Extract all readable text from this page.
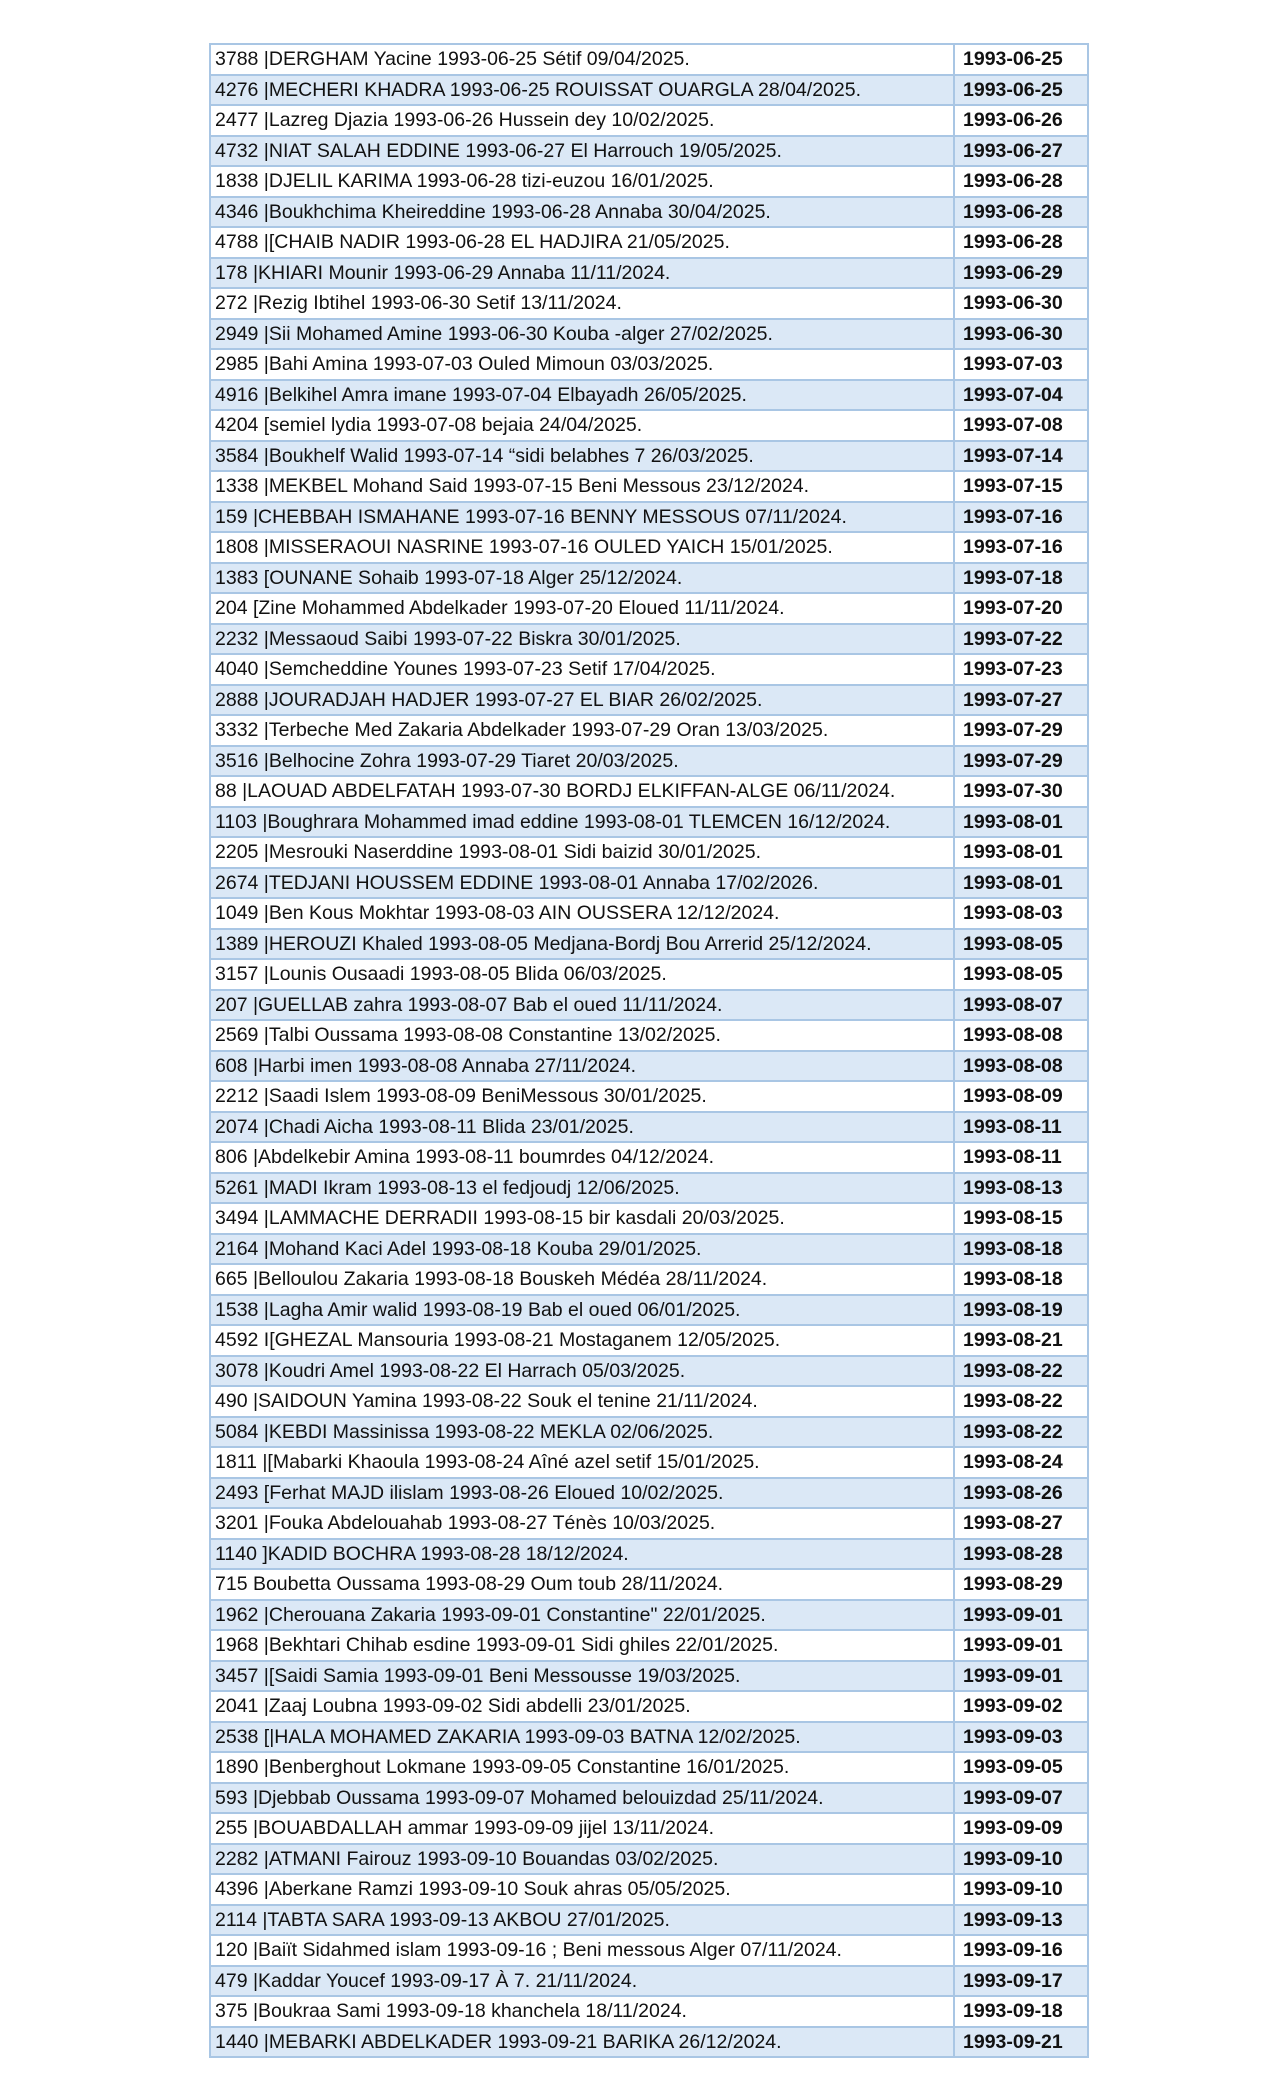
3788 |DERGHAM Yacine 1993-06-25 Sétif 09/04/2025.	1993-06-25
4276 |MECHERI KHADRA 1993-06-25 ROUISSAT OUARGLA 28/04/2025.	1993-06-25
2477 |Lazreg Djazia 1993-06-26 Hussein dey 10/02/2025.	1993-06-26
4732 |NIAT SALAH EDDINE 1993-06-27 El Harrouch 19/05/2025.	1993-06-27
1838 |DJELIL KARIMA 1993-06-28 tizi-euzou 16/01/2025.	1993-06-28
4346 |Boukhchima Kheireddine 1993-06-28 Annaba 30/04/2025.	1993-06-28
4788 |[CHAIB NADIR 1993-06-28 EL HADJIRA 21/05/2025.	1993-06-28
178 |KHIARI Mounir 1993-06-29 Annaba 11/11/2024.	1993-06-29
272 |Rezig Ibtihel 1993-06-30 Setif 13/11/2024.	1993-06-30
2949 |Sii Mohamed Amine 1993-06-30 Kouba -alger 27/02/2025.	1993-06-30
2985 |Bahi Amina 1993-07-03 Ouled Mimoun 03/03/2025.	1993-07-03
4916 |Belkihel Amra imane 1993-07-04 Elbayadh 26/05/2025.	1993-07-04
4204 [semiel lydia 1993-07-08 bejaia 24/04/2025.	1993-07-08
3584 |Boukhelf Walid 1993-07-14 “sidi belabhes 7 26/03/2025.	1993-07-14
1338 |MEKBEL Mohand Said 1993-07-15 Beni Messous 23/12/2024.	1993-07-15
159 |CHEBBAH ISMAHANE 1993-07-16 BENNY MESSOUS 07/11/2024.	1993-07-16
1808 |MISSERAOUI NASRINE 1993-07-16 OULED YAICH 15/01/2025.	1993-07-16
1383 [OUNANE Sohaib 1993-07-18 Alger 25/12/2024.	1993-07-18
204 [Zine Mohammed Abdelkader 1993-07-20 Eloued 11/11/2024.	1993-07-20
2232 |Messaoud Saibi 1993-07-22 Biskra 30/01/2025.	1993-07-22
4040 |Semcheddine Younes 1993-07-23 Setif 17/04/2025.	1993-07-23
2888 |JOURADJAH HADJER 1993-07-27 EL BIAR 26/02/2025.	1993-07-27
3332 |Terbeche Med Zakaria Abdelkader 1993-07-29 Oran 13/03/2025.	1993-07-29
3516 |Belhocine Zohra 1993-07-29 Tiaret 20/03/2025.	1993-07-29
88 |LAOUAD ABDELFATAH 1993-07-30 BORDJ ELKIFFAN-ALGE 06/11/2024.	1993-07-30
1103 |Boughrara Mohammed imad eddine 1993-08-01 TLEMCEN 16/12/2024.	1993-08-01
2205 |Mesrouki Naserddine 1993-08-01 Sidi baizid 30/01/2025.	1993-08-01
2674 |TEDJANI HOUSSEM EDDINE 1993-08-01 Annaba 17/02/2026.	1993-08-01
1049 |Ben Kous Mokhtar 1993-08-03 AIN OUSSERA 12/12/2024.	1993-08-03
1389 |HEROUZI Khaled 1993-08-05 Medjana-Bordj Bou Arrerid 25/12/2024.	1993-08-05
3157 |Lounis Ousaadi 1993-08-05 Blida 06/03/2025.	1993-08-05
207 |GUELLAB zahra 1993-08-07 Bab el oued 11/11/2024.	1993-08-07
2569 |Talbi Oussama 1993-08-08 Constantine 13/02/2025.	1993-08-08
608 |Harbi imen 1993-08-08 Annaba 27/11/2024.	1993-08-08
2212 |Saadi Islem 1993-08-09 BeniMessous 30/01/2025.	1993-08-09
2074 |Chadi Aicha 1993-08-11 Blida 23/01/2025.	1993-08-11
806 |Abdelkebir Amina 1993-08-11 boumrdes 04/12/2024.	1993-08-11
5261 |MADI Ikram 1993-08-13 el fedjoudj 12/06/2025.	1993-08-13
3494 |LAMMACHE DERRADII 1993-08-15 bir kasdali 20/03/2025.	1993-08-15
2164 |Mohand Kaci Adel 1993-08-18 Kouba 29/01/2025.	1993-08-18
665 |Belloulou Zakaria 1993-08-18 Bouskeh Médéa 28/11/2024.	1993-08-18
1538 |Lagha Amir walid 1993-08-19 Bab el oued 06/01/2025.	1993-08-19
4592 I[GHEZAL Mansouria 1993-08-21 Mostaganem 12/05/2025.	1993-08-21
3078 |Koudri Amel 1993-08-22 El Harrach 05/03/2025.	1993-08-22
490 |SAIDOUN Yamina 1993-08-22 Souk el tenine 21/11/2024.	1993-08-22
5084 |KEBDI Massinissa 1993-08-22 MEKLA 02/06/2025.	1993-08-22
1811 |[Mabarki Khaoula 1993-08-24 Aîné azel setif 15/01/2025.	1993-08-24
2493 [Ferhat MAJD ilislam 1993-08-26 Eloued 10/02/2025.	1993-08-26
3201 |Fouka Abdelouahab 1993-08-27 Ténès 10/03/2025.	1993-08-27
1140 ]KADID BOCHRA 1993-08-28 18/12/2024.	1993-08-28
715 Boubetta Oussama 1993-08-29 Oum toub 28/11/2024.	1993-08-29
1962 |Cherouana Zakaria 1993-09-01 Constantine" 22/01/2025.	1993-09-01
1968 |Bekhtari Chihab esdine 1993-09-01 Sidi ghiles 22/01/2025.	1993-09-01
3457 |[Saidi Samia 1993-09-01 Beni Messousse 19/03/2025.	1993-09-01
2041 |Zaaj Loubna 1993-09-02 Sidi abdelli 23/01/2025.	1993-09-02
2538 [|HALA MOHAMED ZAKARIA 1993-09-03 BATNA 12/02/2025.	1993-09-03
1890 |Benberghout Lokmane 1993-09-05 Constantine 16/01/2025.	1993-09-05
593 |Djebbab Oussama 1993-09-07 Mohamed belouizdad 25/11/2024.	1993-09-07
255 |BOUABDALLAH ammar 1993-09-09 jijel 13/11/2024.	1993-09-09
2282 |ATMANI Fairouz 1993-09-10 Bouandas 03/02/2025.	1993-09-10
4396 |Aberkane Ramzi 1993-09-10 Souk ahras 05/05/2025.	1993-09-10
2114 |TABTA SARA 1993-09-13 AKBOU 27/01/2025.	1993-09-13
120 |Baiït Sidahmed islam 1993-09-16 ; Beni messous Alger 07/11/2024.	1993-09-16
479 |Kaddar Youcef 1993-09-17 À 7. 21/11/2024.	1993-09-17
375 |Boukraa Sami 1993-09-18 khanchela 18/11/2024.	1993-09-18
1440 |MEBARKI ABDELKADER 1993-09-21 BARIKA 26/12/2024.	1993-09-21
